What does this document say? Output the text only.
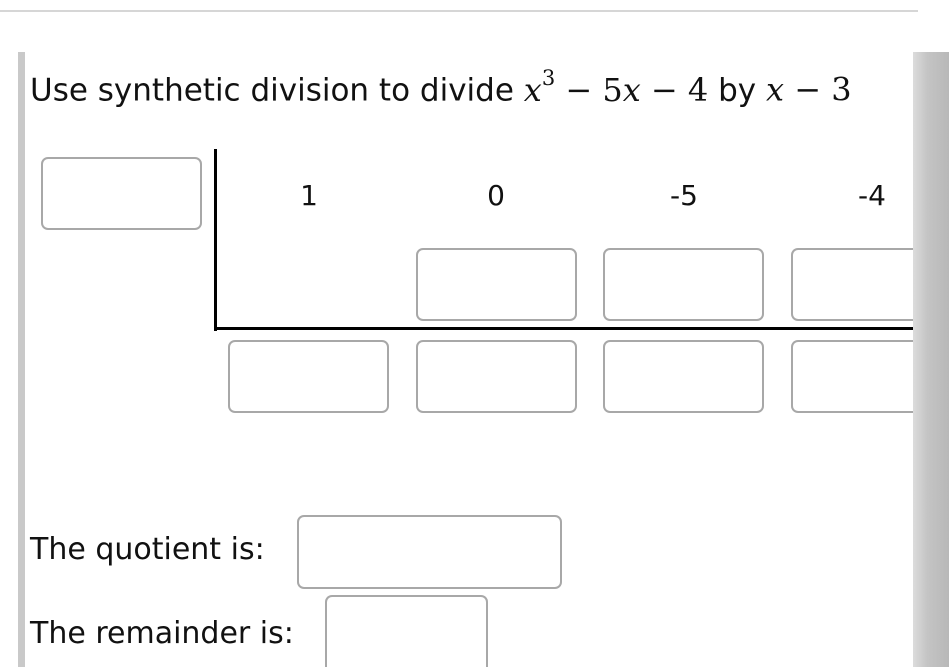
Use synthetic division to divide $x^3 - 5x - 4$ by x − 3
1	0	-5	-4
The quotient is:
The remainder is:
